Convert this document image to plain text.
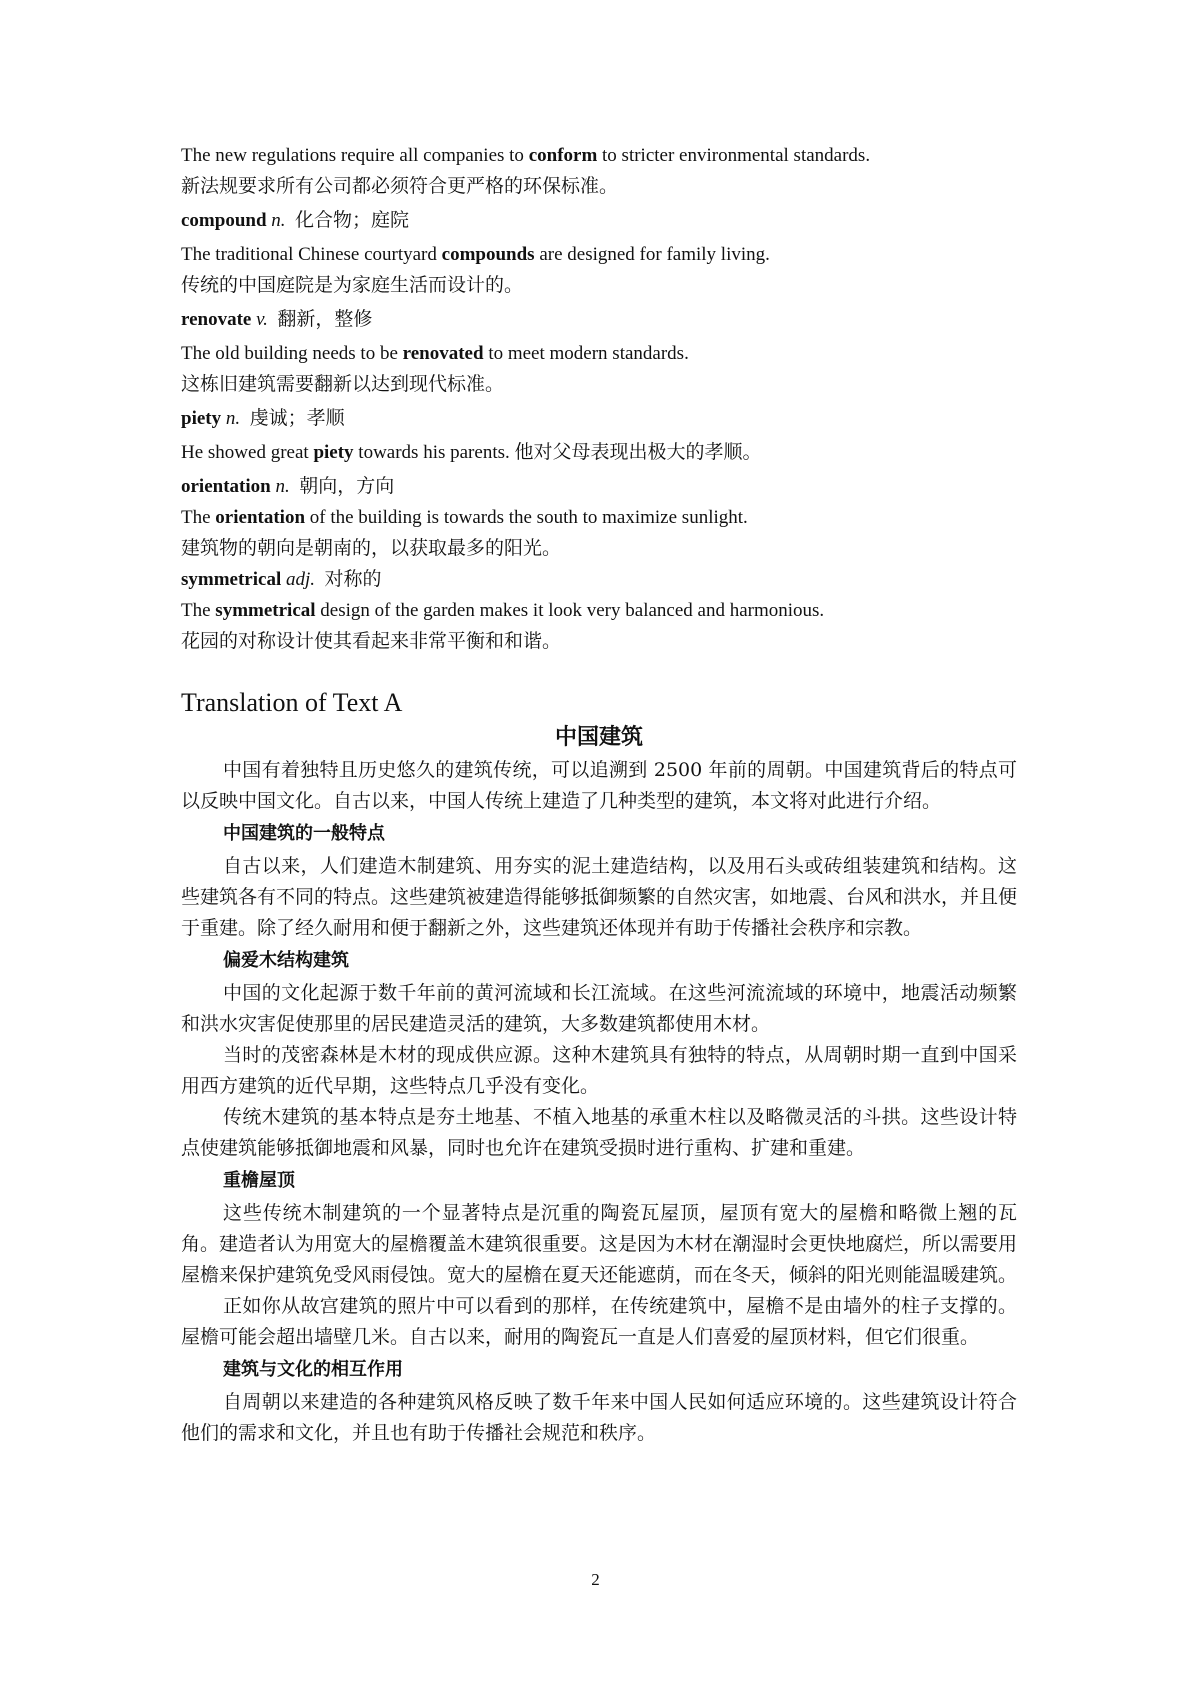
The new regulations require all companies to conform to stricter environmental standards.
新法规要求所有公司都必须符合更严格的环保标准。
compound n. 化合物；庭院
The traditional Chinese courtyard compounds are designed for family living.
传统的中国庭院是为家庭生活而设计的。
renovate v. 翻新，整修
The old building needs to be renovated to meet modern standards.
这栋旧建筑需要翻新以达到现代标准。
piety n. 虔诚；孝顺
He showed great piety towards his parents. 他对父母表现出极大的孝顺。
orientation n. 朝向，方向
The orientation of the building is towards the south to maximize sunlight.
建筑物的朝向是朝南的，以获取最多的阳光。
symmetrical adj. 对称的
The symmetrical design of the garden makes it look very balanced and harmonious.
花园的对称设计使其看起来非常平衡和和谐。
Translation of Text A
中国建筑

中国有着独特且历史悠久的建筑传统，可以追溯到 2500 年前的周朝。中国建筑背后的特点可以反映中国文化。自古以来，中国人传统上建造了几种类型的建筑，本文将对此进行介绍。

中国建筑的一般特点

自古以来，人们建造木制建筑、用夯实的泥土建造结构，以及用石头或砖组装建筑和结构。这些建筑各有不同的特点。这些建筑被建造得能够抵御频繁的自然灾害，如地震、台风和洪水，并且便于重建。除了经久耐用和便于翻新之外，这些建筑还体现并有助于传播社会秩序和宗教。

偏爱木结构建筑

中国的文化起源于数千年前的黄河流域和长江流域。在这些河流流域的环境中，地震活动频繁和洪水灾害促使那里的居民建造灵活的建筑，大多数建筑都使用木材。

当时的茂密森林是木材的现成供应源。这种木建筑具有独特的特点，从周朝时期一直到中国采用西方建筑的近代早期，这些特点几乎没有变化。

传统木建筑的基本特点是夯土地基、不植入地基的承重木柱以及略微灵活的斗拱。这些设计特点使建筑能够抵御地震和风暴，同时也允许在建筑受损时进行重构、扩建和重建。

重檐屋顶

这些传统木制建筑的一个显著特点是沉重的陶瓷瓦屋顶，屋顶有宽大的屋檐和略微上翘的瓦角。建造者认为用宽大的屋檐覆盖木建筑很重要。这是因为木材在潮湿时会更快地腐烂，所以需要用屋檐来保护建筑免受风雨侵蚀。宽大的屋檐在夏天还能遮荫，而在冬天，倾斜的阳光则能温暖建筑。

正如你从故宫建筑的照片中可以看到的那样，在传统建筑中，屋檐不是由墙外的柱子支撑的。屋檐可能会超出墙壁几米。自古以来，耐用的陶瓷瓦一直是人们喜爱的屋顶材料，但它们很重。

建筑与文化的相互作用

自周朝以来建造的各种建筑风格反映了数千年来中国人民如何适应环境的。这些建筑设计符合他们的需求和文化，并且也有助于传播社会规范和秩序。

2
